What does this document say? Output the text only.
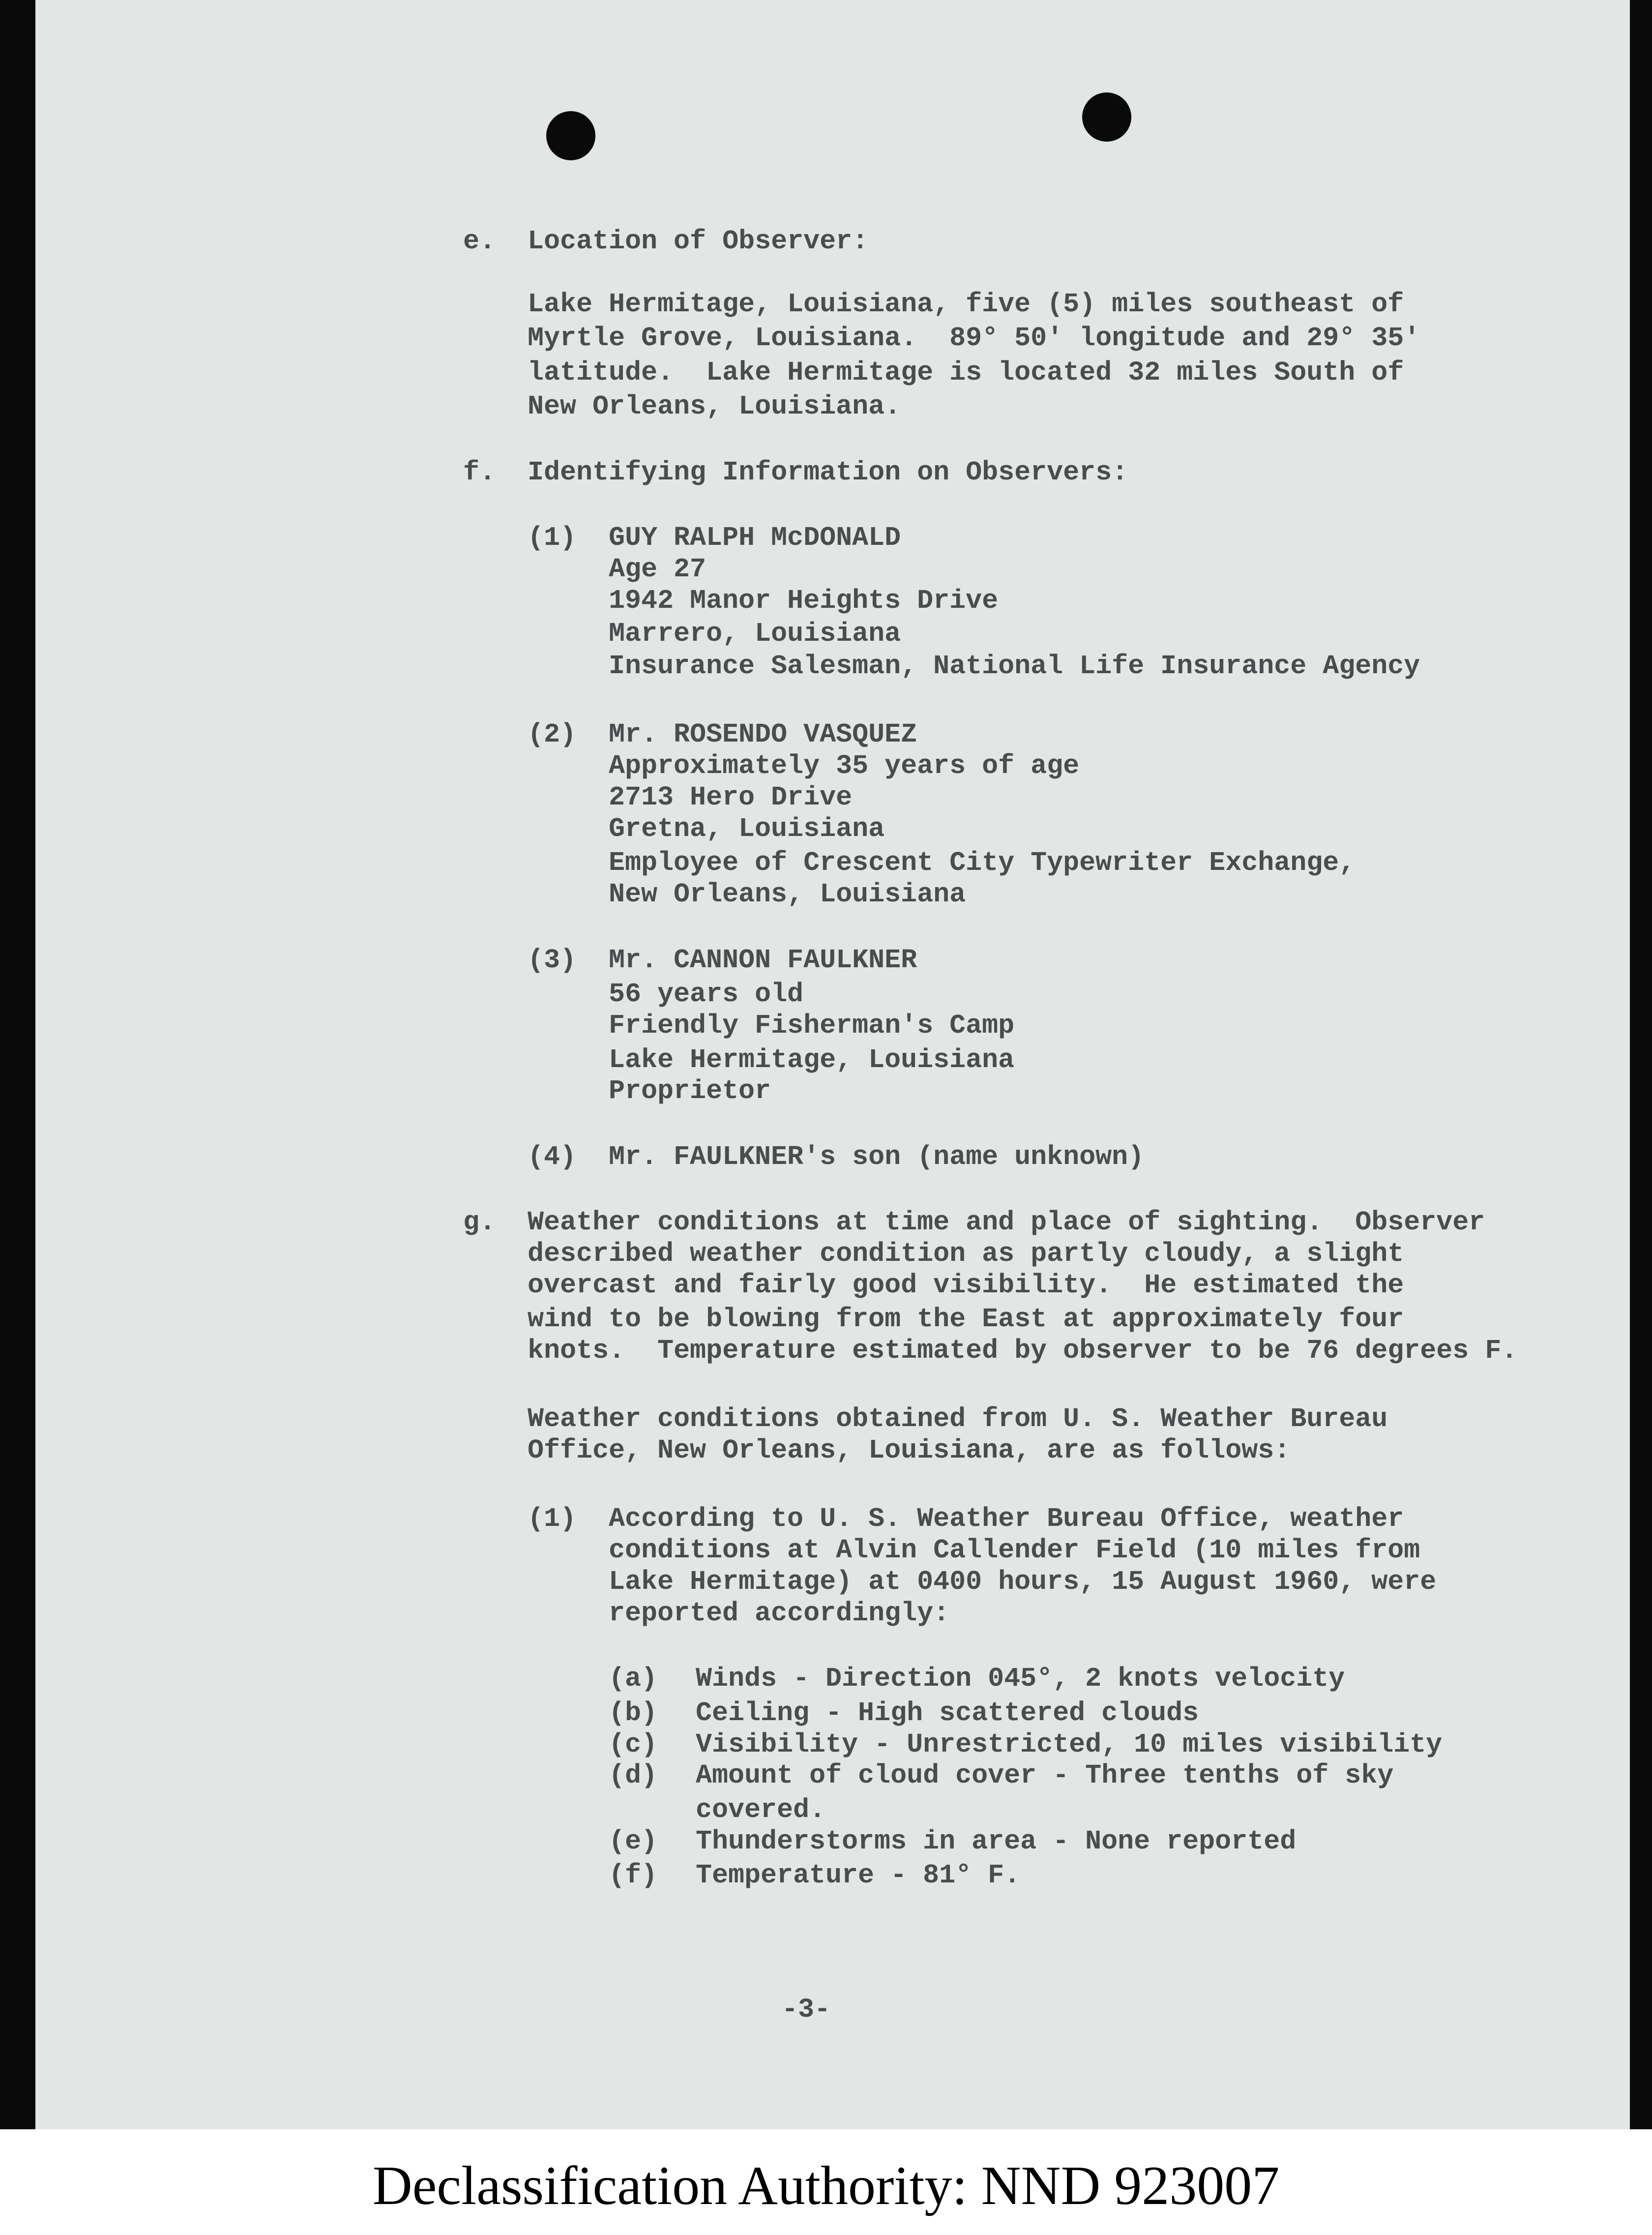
e. Location of Observer:
Lake Hermitage, Louisiana, five (5) miles southeast of
Myrtle Grove, Louisiana.  89° 50' longitude and 29° 35'
latitude.  Lake Hermitage is located 32 miles South of
New Orleans, Louisiana.
f. Identifying Information on Observers:
(1) GUY RALPH McDONALD
Age 27
1942 Manor Heights Drive
Marrero, Louisiana
Insurance Salesman, National Life Insurance Agency
(2) Mr. ROSENDO VASQUEZ
Approximately 35 years of age
2713 Hero Drive
Gretna, Louisiana
Employee of Crescent City Typewriter Exchange,
New Orleans, Louisiana
(3) Mr. CANNON FAULKNER
56 years old
Friendly Fisherman's Camp
Lake Hermitage, Louisiana
Proprietor
(4) Mr. FAULKNER's son (name unknown)
g. Weather conditions at time and place of sighting.  Observer
described weather condition as partly cloudy, a slight
overcast and fairly good visibility.  He estimated the
wind to be blowing from the East at approximately four
knots.  Temperature estimated by observer to be 76 degrees F.
Weather conditions obtained from U. S. Weather Bureau
Office, New Orleans, Louisiana, are as follows:
(1) According to U. S. Weather Bureau Office, weather
conditions at Alvin Callender Field (10 miles from
Lake Hermitage) at 0400 hours, 15 August 1960, were
reported accordingly:
(a) Winds - Direction 045°, 2 knots velocity
(b) Ceiling - High scattered clouds
(c) Visibility - Unrestricted, 10 miles visibility
(d) Amount of cloud cover - Three tenths of sky
covered.
(e) Thunderstorms in area - None reported
(f) Temperature - 81° F.
-3-
Declassification Authority: NND 923007
